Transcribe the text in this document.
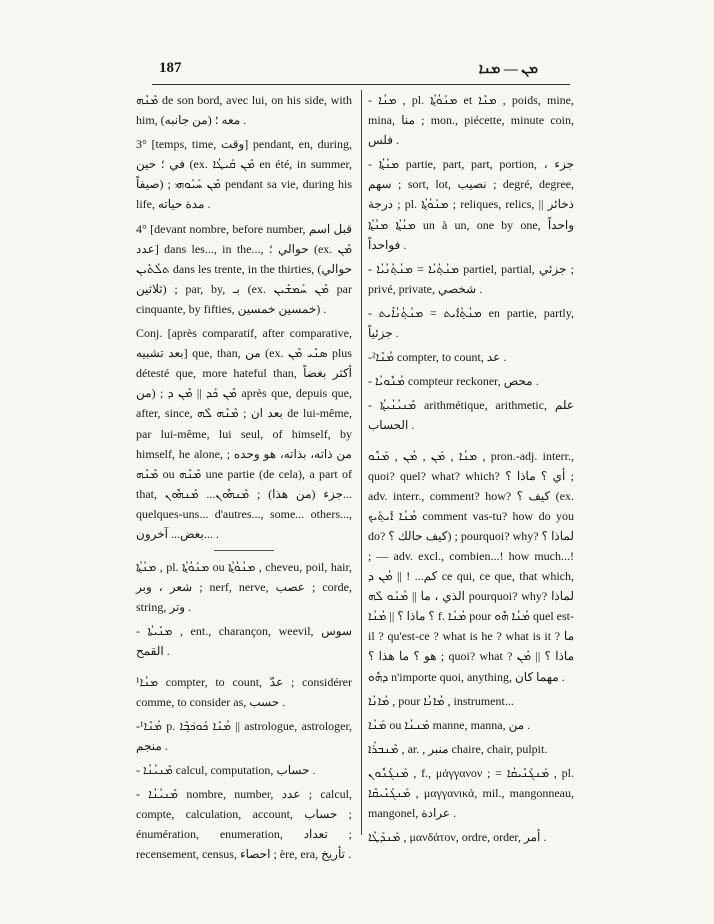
187	ܡܢ — ܡܢܐ

ܡܶܢܶܗ de son bord, avec lui, on his side, with him, معه ؛ (من جانبه) .

3° [temps, time, وقت] pendant, en, during, في ؛ حين (ex. ܡܶܢ ܩܰܝܛܳܐ en été, in summer, صيفاً) ; ܡܶܢ ܚܰܝܰܘܗܝ pendant sa vie, during his life, مدة حياته .

4° [devant nombre, before number, قبل اسم عدد] dans les..., in the..., حوالي ؛ (ex. ܡܶܢ ܬܠܳܬܺܝܢ dans les trente, in the thirties, (حوالي ثلاثين) ; par, by, بـ (ex. ܡܶܢ ܚܰܡܫܺܝܢ par cinquante, by fifties, خمسين خمسين) .

Conj. [après comparatif, after comparative, بعد تشبيه] que, than, من (ex. ܣܢܺܝ ܡܶܢ plus détesté que, more hateful than, أكثر بغضاً من) ; ܡܶܢ ܟܰܕ || ܡܶܢ ܕ après que, depuis que, after, since, بعد ان ; ܡܶܢܶܗ ܠܶܗ de lui-même, par lui-même, lui seul, of himself, by himself, he alone, من ذاته، بذاته، هو وحده ; ܡܶܢܶܗ ou ܡܶܢܶܗ une partie (de cela), a part of that, جزء (من هذا) ; ܡܶܢܗܽܘܢ... ܡܶܢܗܽܘܢ... quelques-uns... d'autres..., some... others..., بعض... آخرون... .

ܡܢܳܬ݂ܳܐ , pl. ܡܢܰܘܳܬ݂ܳܐ ou ܡܢܳܘܳܬ݂ܳܐ , cheveu, poil, hair, شعر ، وبر ; nerf, nerve, عصب ; corde, string, وتر .

- ܡܢܺܝܬܳܐ , ent., charançon, weevil, سوس القمح .

¹ܡܢܳܐ compter, to count, عدّ ; considérer comme, to consider as, حسب .

-¹ܡܳܢܶܐ p. ܡܳܢܶܐ ܟܰܘܟ݁ܒ݂ܶܐ || astrologue, astrologer, منجم .

- ܡܶܢܝܳܢܳܐ calcul, computation, حساب .

- ܡܶܢܝܳܢܳܐ nombre, number, عدد ; calcul, compte, calculation, account, حساب ; énumération, enumeration, تعداد ; recensement, census, احصاء ; ère, era, تأريخ .

- ܡܢܳܐ , pl. ܡܢܰܘܳܬ݂ܳܐ et ܡܢܶܐ , poids, mine, mina, منا ; mon., piécette, minute coin, فلس .

- ܡܢܳܬ݂ܳܐ partie, part, part, portion, جزء ، سهم ; sort, lot, نصيب ; degré, degree, درجة ; pl. ܡܢܰܘܳܬ݂ܳܐ ; reliques, relics, ذخائر || ܡܢܳܬ݂ܳܐ ܡܢܳܬ݂ܳܐ un à un, one by one, واحداً فواحداً .

- ܡܢܳܬ݂ܳܝܳܐ = ܡܢܳܬ݂ܳܢܳܝܳܐ partiel, partial, جزئي ; privé, private, شخصي .

- ܡܢܳܬ݂ܳܐܺܝܬ = ܡܢܳܬ݂ܳܢܳܐܺܝܬ en partie, partly, جزئياً .

-²ܡܳܢܶܐ compter, to count, عد .

- ܡܳܢܽܘܝܳܐ compteur reckoner, محص .

- ܡܶܢܝܳܢܳܝܬ݂ܳܐ arithmétique, arithmetic, علم الحساب .

ܡܢܳܐ , ܡܰܢ , ܡܳܢ , ܡܰܢܽܘ , pron.-adj. interr., quoi? quel? what? which? أي ؟ ماذا ؟ ; adv. interr., comment? how? كيف ؟ (ex. ܡܳܢܳܐ ܐܺܝܬ݂ܰܝܟ comment vas-tu? how do you do? كيف حالك ؟) ; pourquoi? why? لماذا ؟ ; — adv. excl., combien...! how much...! كم... ! || ܡܳܢ ܕ ce qui, ce que, that which, الذي ، ما || ܡܳܢܰܘ ܠܶܗ pourquoi? why? لماذا ؟ ماذا ؟ || ܡܳܢܳܐ f. ܡܳܢܳܐ pour ܡܳܢܳܐ ܗܽܘ quel est-il ? qu'est-ce ? what is he ? what is it ? ما هو ؟ ما هذا ؟ ; quoi? what ? ماذا ؟ || ܡܳܢ ܕܗܽܘ n'importe quoi, anything, مهما كان .

ܡܳܐܢܳܐ , pour ܡܳܐܢܳܐ , instrument...

ܡܰܢܳܐ ou ܡܰܢܢܳܐ manne, manna, من .

ܡܶܢܒܪܳܐ , ar. , منبر chaire, chair, pulpit.

ܡܰܢܓܰܢܽܘܢ , f., μάγγανον ; = ܡܰܢܓܰܢܺܝܩܳܐ , pl. ܡܰܢܓܰܢܺܝܩܶܐ , μαγγανικά, mil., mangonneau, mangonel, عرادة .

ܡܰܢܕܰܛܳܐ , μανδάτον, ordre, order, أمر .
